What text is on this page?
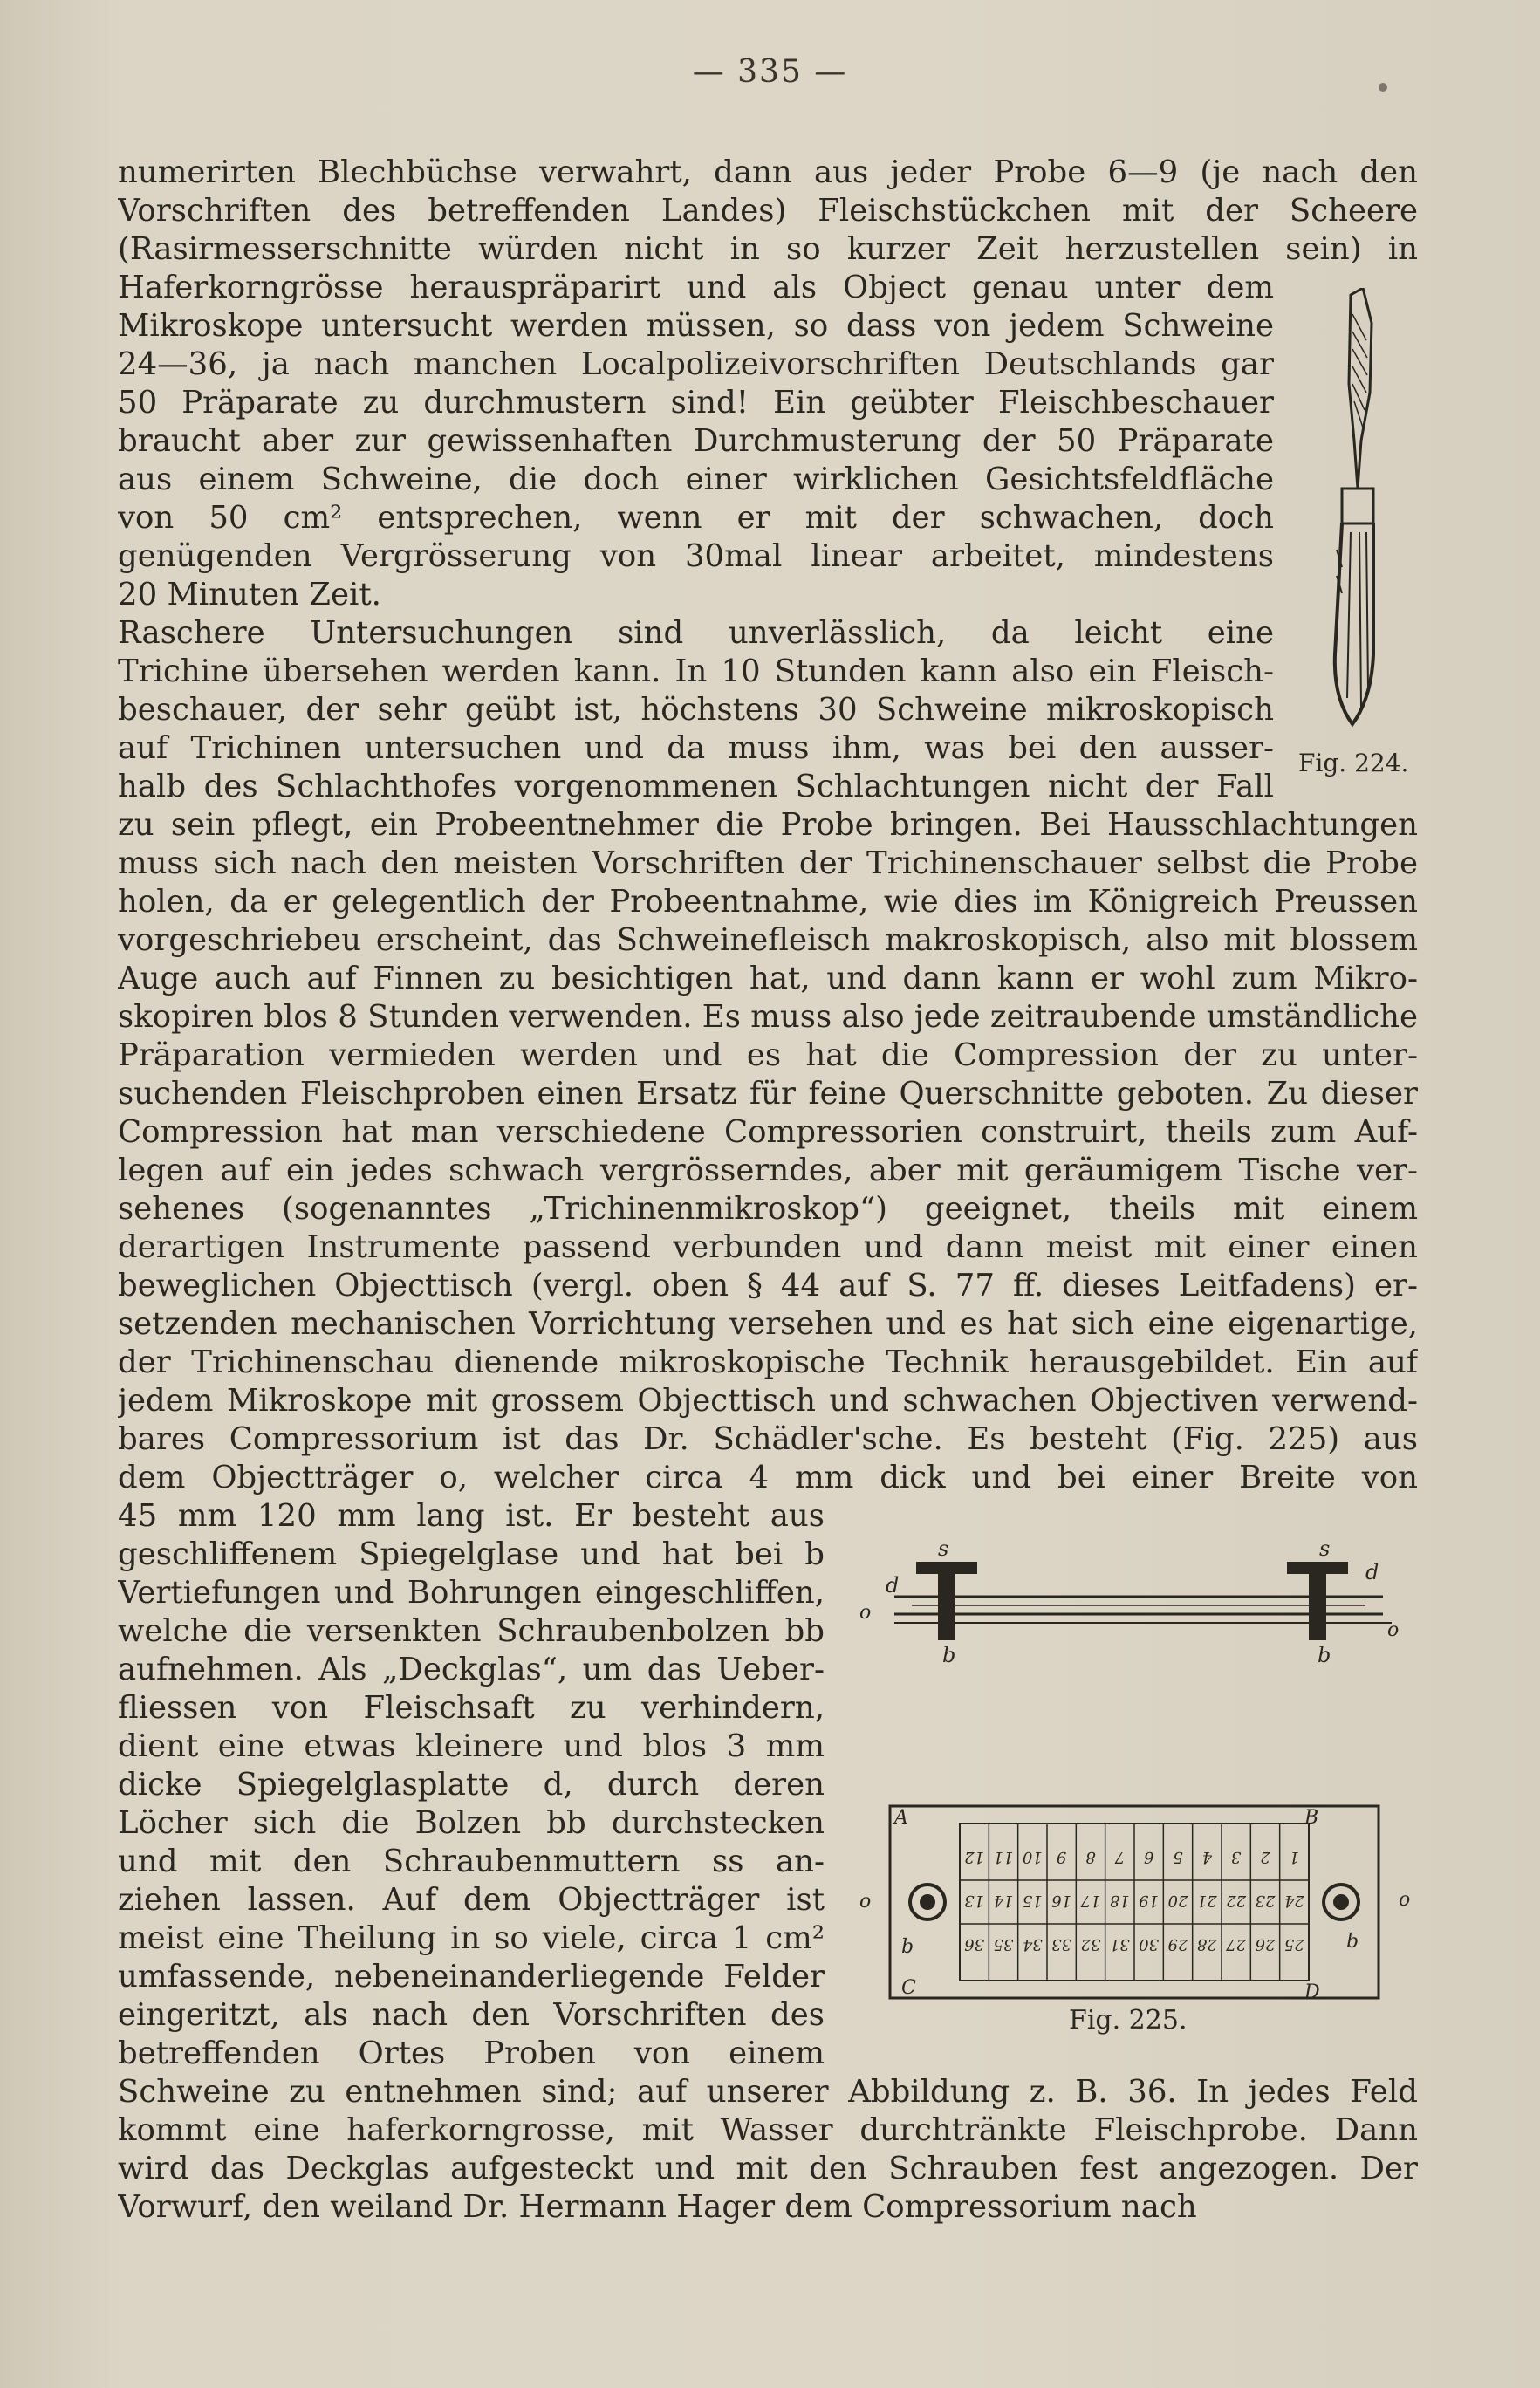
— 335 —
numerirten Blechbüchse verwahrt, dann aus jeder Probe 6—9 (je nach den
Vorschriften des betreffenden Landes) Fleischstückchen mit der Scheere
(Rasirmesserschnitte würden nicht in so kurzer Zeit herzustellen sein) in
Haferkorngrösse herauspräparirt und als Object genau unter dem
Mikroskope untersucht werden müssen, so dass von jedem Schweine
24—36, ja nach manchen Localpolizeivorschriften Deutschlands gar
50 Präparate zu durchmustern sind! Ein geübter Fleischbeschauer
braucht aber zur gewissenhaften Durchmusterung der 50 Präparate
aus einem Schweine, die doch einer wirklichen Gesichtsfeldfläche
von 50 cm² entsprechen, wenn er mit der schwachen, doch
genügenden Vergrösserung von 30mal linear arbeitet, mindestens
20 Minuten Zeit.
Raschere Untersuchungen sind unverlässlich, da leicht eine
Trichine übersehen werden kann. In 10 Stunden kann also ein Fleisch-
beschauer, der sehr geübt ist, höchstens 30 Schweine mikroskopisch
auf Trichinen untersuchen und da muss ihm, was bei den ausser-
halb des Schlachthofes vorgenommenen Schlachtungen nicht der Fall
zu sein pflegt, ein Probeentnehmer die Probe bringen. Bei Hausschlachtungen
muss sich nach den meisten Vorschriften der Trichinenschauer selbst die Probe
holen, da er gelegentlich der Probeentnahme, wie dies im Königreich Preussen
vorgeschriebeu erscheint, das Schweinefleisch makroskopisch, also mit blossem
Auge auch auf Finnen zu besichtigen hat, und dann kann er wohl zum Mikro-
skopiren blos 8 Stunden verwenden. Es muss also jede zeitraubende umständliche
Präparation vermieden werden und es hat die Compression der zu unter-
suchenden Fleischproben einen Ersatz für feine Querschnitte geboten. Zu dieser
Compression hat man verschiedene Compressorien construirt, theils zum Auf-
legen auf ein jedes schwach vergrösserndes, aber mit geräumigem Tische ver-
sehenes (sogenanntes „Trichinenmikroskop“) geeignet, theils mit einem
derartigen Instrumente passend verbunden und dann meist mit einer einen
beweglichen Objecttisch (vergl. oben § 44 auf S. 77 ff. dieses Leitfadens) er-
setzenden mechanischen Vorrichtung versehen und es hat sich eine eigenartige,
der Trichinenschau dienende mikroskopische Technik herausgebildet. Ein auf
jedem Mikroskope mit grossem Objecttisch und schwachen Objectiven verwend-
bares Compressorium ist das Dr. Schädler'sche. Es besteht (Fig. 225) aus
dem Objectträger o, welcher circa 4 mm dick und bei einer Breite von
45 mm 120 mm lang ist. Er besteht aus
geschliffenem Spiegelglase und hat bei b
Vertiefungen und Bohrungen eingeschliffen,
welche die versenkten Schraubenbolzen bb
aufnehmen. Als „Deckglas“, um das Ueber-
fliessen von Fleischsaft zu verhindern,
dient eine etwas kleinere und blos 3 mm
dicke Spiegelglasplatte d, durch deren
Löcher sich die Bolzen bb durchstecken
und mit den Schraubenmuttern ss an-
ziehen lassen. Auf dem Objectträger ist
meist eine Theilung in so viele, circa 1 cm²
umfassende, nebeneinanderliegende Felder
eingeritzt, als nach den Vorschriften des
betreffenden Ortes Proben von einem
Schweine zu entnehmen sind; auf unserer Abbildung z. B. 36. In jedes Feld
kommt eine haferkorngrosse, mit Wasser durchtränkte Fleischprobe. Dann
wird das Deckglas aufgesteckt und mit den Schrauben fest angezogen. Der
Vorwurf, den weiland Dr. Hermann Hager dem Compressorium nach
Fig. 224.
s	s
d
d
o
o
b	b
A	B
C	D
b	b
o	o
12 11 10 9 8 7 6 5 4 3 2 1
13 14 15 16 17 18 19 20 21 22 23 24
36 35 34 33 32 31 30 29 28 27 26 25
Fig. 225.
